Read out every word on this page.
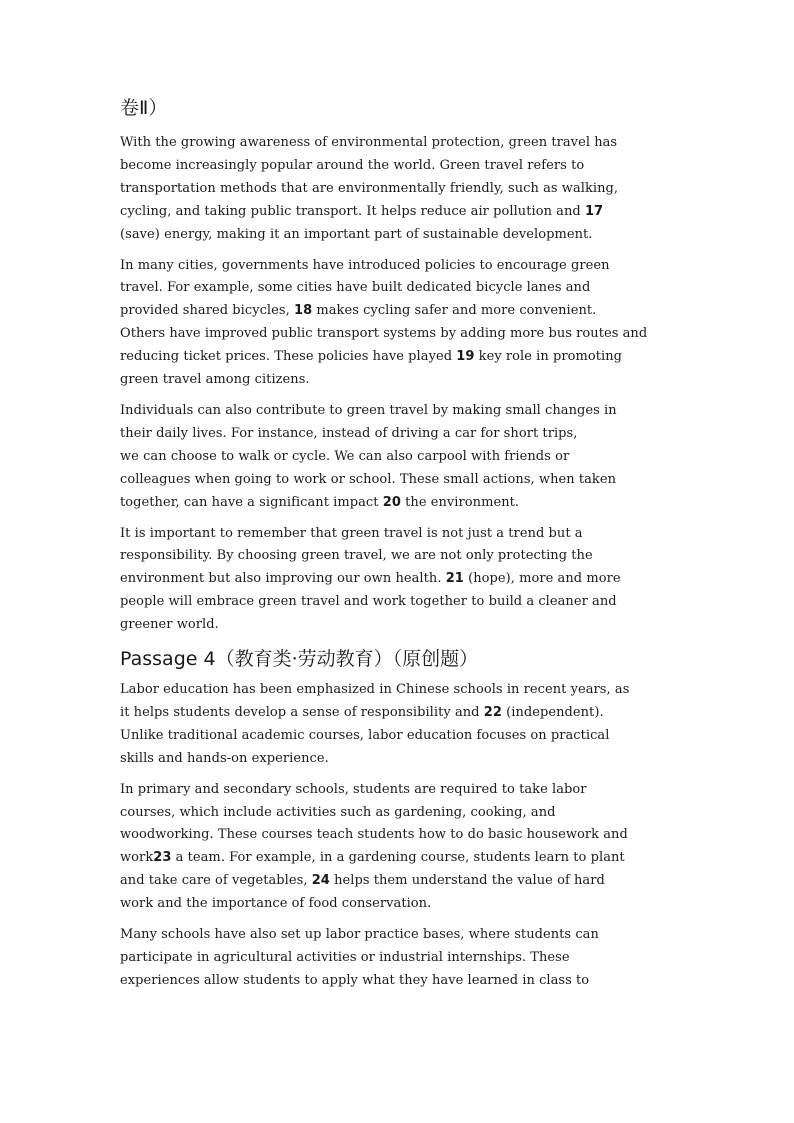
卷Ⅱ）

With the growing awareness of environmental protection, green travel has
become increasingly popular around the world. Green travel refers to
transportation methods that are environmentally friendly, such as walking,
cycling, and taking public transport. It helps reduce air pollution and 17
(save) energy, making it an important part of sustainable development.

In many cities, governments have introduced policies to encourage green
travel. For example, some cities have built dedicated bicycle lanes and
provided shared bicycles, 18 makes cycling safer and more convenient.
Others have improved public transport systems by adding more bus routes and
reducing ticket prices. These policies have played 19 key role in promoting
green travel among citizens.

Individuals can also contribute to green travel by making small changes in
their daily lives. For instance, instead of driving a car for short trips,
we can choose to walk or cycle. We can also carpool with friends or
colleagues when going to work or school. These small actions, when taken
together, can have a significant impact 20 the environment.

It is important to remember that green travel is not just a trend but a
responsibility. By choosing green travel, we are not only protecting the
environment but also improving our own health. 21 (hope), more and more
people will embrace green travel and work together to build a cleaner and
greener world.

Passage 4（教育类·劳动教育）（原创题）

Labor education has been emphasized in Chinese schools in recent years, as
it helps students develop a sense of responsibility and 22 (independent).
Unlike traditional academic courses, labor education focuses on practical
skills and hands-on experience.

In primary and secondary schools, students are required to take labor
courses, which include activities such as gardening, cooking, and
woodworking. These courses teach students how to do basic housework and
work23 a team. For example, in a gardening course, students learn to plant
and take care of vegetables, 24 helps them understand the value of hard
work and the importance of food conservation.

Many schools have also set up labor practice bases, where students can
participate in agricultural activities or industrial internships. These
experiences allow students to apply what they have learned in class to
